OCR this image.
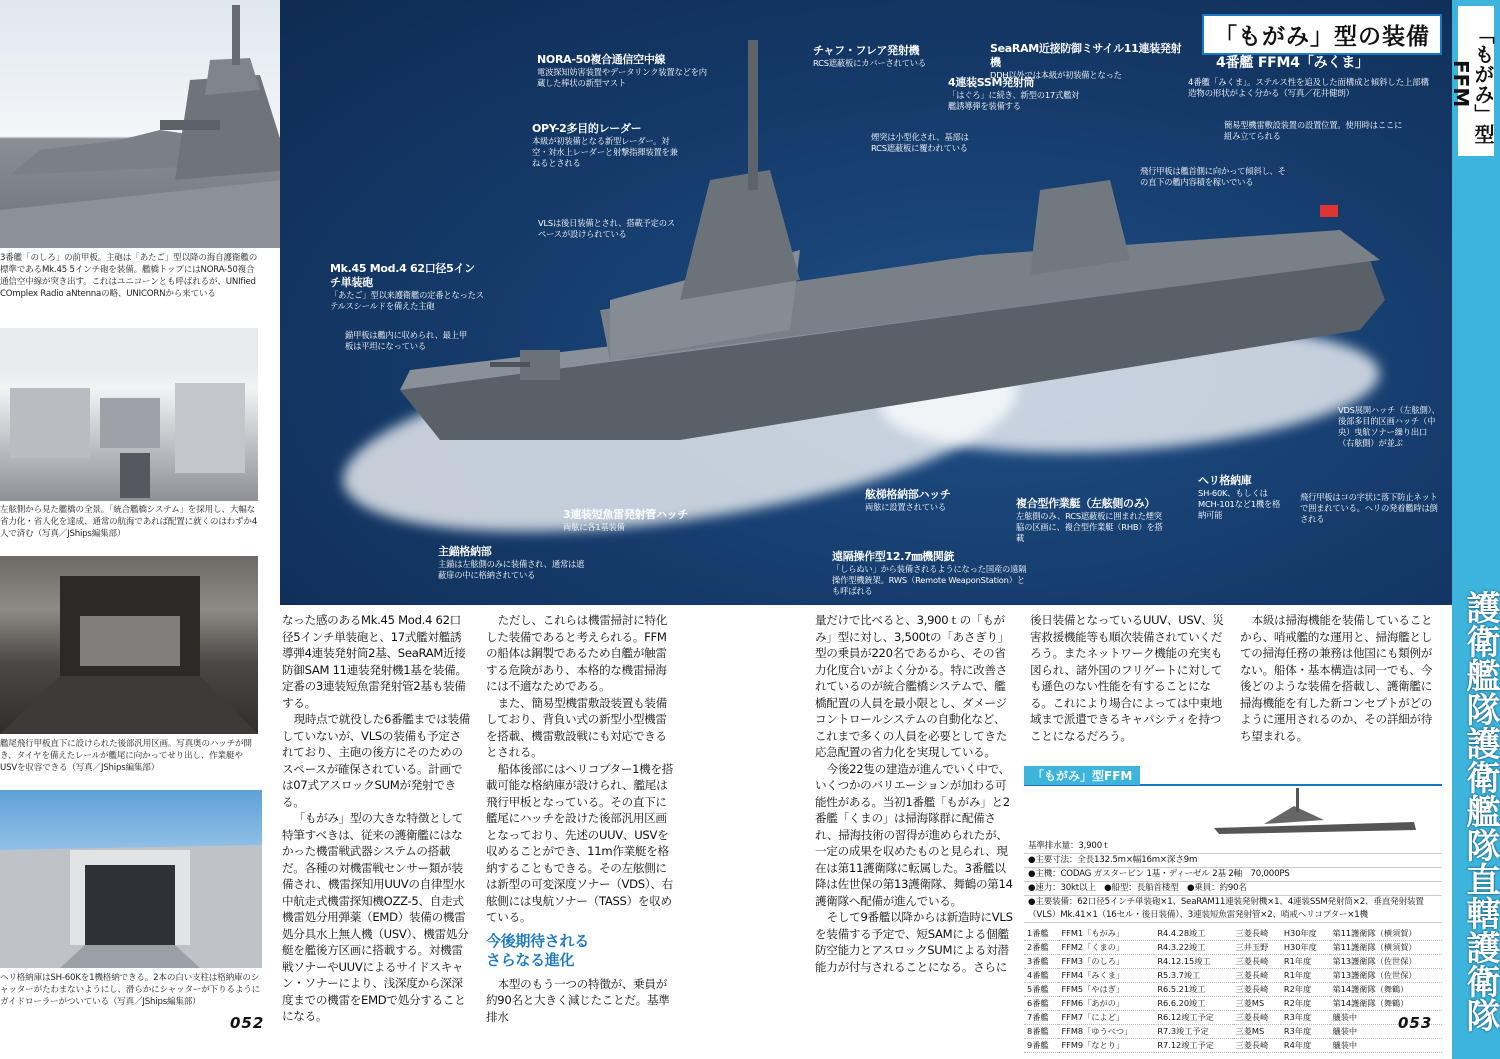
3番艦「のしろ」の前甲板。主砲は「あたご」型以降の海自護衛艦の標準であるMk.45 5インチ砲を装備。艦橋トップにはNORA-50複合通信空中線が突き出す。これはユニコーンとも呼ばれるが、UNIfied COmplex Radio aNtennaの略、UNICORNから来ている
左舷側から見た艦橋の全景。「統合艦橋システム」を採用し、大幅な省力化・省人化を達成、通常の航海であれば配置に就くのはわずか4人で済む（写真／JShips編集部）
艦尾飛行甲板直下に設けられた後部汎用区画。写真奥のハッチが開き、タイヤを備えたレールが艦尾に向かってせり出し、作業艇やUSVを収容できる（写真／JShips編集部）
ヘリ格納庫はSH-60Kを1機格納できる。2本の白い支柱は格納庫のシャッターがたわまないようにし、滑らかにシャッターが下りるようにガイドローラーがついている（写真／JShips編集部）
「もがみ」型の装備
4番艦 FFM4「みくま」
4番艦「みくま」。ステルス性を追及した面構成と傾斜した上部構造物の形状がよく分かる（写真／花井健朗）
NORA-50複合通信空中線
電波探知妨害装置やデータリンク装置などを内蔵した棒状の新型マスト
OPY-2多目的レーダー
本級が初装備となる新型レーダー。対空・対水上レーダーと射撃指揮装置を兼ねるとされる
VLSは後日装備とされ、搭載予定のスペースが設けられている
Mk.45 Mod.4 62口径5インチ単装砲
「あたご」型以来護衛艦の定番となったステルスシールドを備えた主砲
錨甲板は艦内に収められ、最上甲板は平坦になっている
チャフ・フレア発射機
RCS遮蔽板にカバーされている
SeaRAM近接防御ミサイル11連装発射機
DDH以外では本級が初装備となった
4連装SSM発射筒
「はぐろ」に続き、新型の17式艦対艦誘導弾を装備する
煙突は小型化され、基部はRCS遮蔽板に覆われている
簡易型機雷敷設装置の設置位置。使用時はここに組み立てられる
飛行甲板は艦首側に向かって傾斜し、その直下の艦内容積を稼いでいる
3連装短魚雷発射管ハッチ
両舷に各1基装備
主錨格納部
主錨は左舷側のみに装備され、通常は遮蔽扉の中に格納されている
舷梯格納部ハッチ
両舷に設置されている
遠隔操作型12.7㎜機関銃
「しらぬい」から装備されるようになった国産の遠隔操作型機銃架。RWS（Remote WeaponStation）とも呼ばれる
複合型作業艇（左舷側のみ）
左舷側のみ、RCS遮蔽板に囲まれた煙突脇の区画に、複合型作業艇（RHB）を搭載
ヘリ格納庫
SH-60K、もしくはMCH-101など1機を格納可能
VDS展開ハッチ（左舷側）、後部多目的区画ハッチ（中央）曳航ソナー繰り出口（右舷側）が並ぶ
飛行甲板はコの字状に落下防止ネットで囲まれている。ヘリの発着艦時は倒される
「もがみ」型FFM
護衛艦隊護衛艦隊直轄護衛隊

なった感のあるMk.45 Mod.4 62口径5インチ単装砲と、17式艦対艦誘導弾4連装発射筒2基、SeaRAM近接防御SAM 11連装発射機1基を装備。定番の3連装短魚雷発射管2基も装備する。

現時点で就役した6番艦までは装備していないが、VLSの装備も予定されており、主砲の後方にそのためのスペースが確保されている。計画では07式アスロックSUMが発射できる。

「もがみ」型の大きな特徴として特筆すべきは、従来の護衛艦にはなかった機雷戦武器システムの搭載だ。各種の対機雷戦センサー類が装備され、機雷探知用UUVの自律型水中航走式機雷探知機OZZ-5、自走式機雷処分用弾薬（EMD）装備の機雷処分具水上無人機（USV）、機雷処分艇を艦後方区画に搭載する。対機雷戦ソナーやUUVによるサイドスキャン・ソナーにより、浅深度から深深度までの機雷をEMDで処分することになる。

ただし、これらは機雷掃討に特化した装備であると考えられる。FFMの船体は鋼製であるため自艦が触雷する危険があり、本格的な機雷掃海には不適なためである。

また、簡易型機雷敷設装置も装備しており、背負い式の新型小型機雷を搭載、機雷敷設戦にも対応できるとされる。

船体後部にはヘリコプター1機を搭載可能な格納庫が設けられ、艦尾は飛行甲板となっている。その直下に艦尾にハッチを設けた後部汎用区画となっており、先述のUUV、USVを収めることができ、11m作業艇を格納することもできる。その左舷側には新型の可変深度ソナー（VDS）、右舷側には曳航ソナー（TASS）を収めている。

今後期待される
さらなる進化

本型のもう一つの特徴が、乗員が約90名と大きく減じたことだ。基準排水

量だけで比べると、3,900ｔの「もがみ」型に対し、3,500tの「あさぎり」型の乗員が220名であるから、その省力化度合いがよく分かる。特に改善されているのが統合艦橋システムで、艦橋配置の人員を最小限とし、ダメージコントロールシステムの自動化など、これまで多くの人員を必要としてきた応急配置の省力化を実現している。

今後22隻の建造が進んでいく中で、いくつかのバリエーションが加わる可能性がある。当初1番艦「もがみ」と2番艦「くまの」は掃海隊群に配備され、掃海技術の習得が進められたが、一定の成果を収めたものと見られ、現在は第11護衛隊に転属した。3番艦以降は佐世保の第13護衛隊、舞鶴の第14護衛隊へ配備が進んでいる。

そして9番艦以降からは新造時にVLSを装備する予定で、短SAMによる個艦防空能力とアスロックSUMによる対潜能力が付与されることになる。さらに

後日装備となっているUUV、USV、災害救援機能等も順次装備されていくだろう。またネットワーク機能の充実も図られ、諸外国のフリゲートに対しても遜色のない性能を有することになる。これにより場合によっては中東地域まで派遣できるキャパシティを持つことになるだろう。

本級は掃海機能を装備していることから、哨戒艦的な運用と、掃海艦としての掃海任務の兼務は他国にも類例がない。船体・基本構造は同一でも、今後どのような装備を搭載し、護衛艦に掃海機能を有した新コンセプトがどのように運用されるのか、その詳細が待ち望まれる。

「もがみ」型FFM
基準排水量：3,900ｔ
●主要寸法：全長132.5m×幅16m×深さ9m
●主機：CODAG ガスタービン 1基・ディーゼル 2基 2軸　70,000PS
●速力：30kt以上　●船型：長船首楼型　●乗員：約90名
●主要装備：62口径5インチ単装砲×1、SeaRAM11連装発射機×1、4連装SSM発射筒×2、垂直発射装置（VLS）Mk.41×1（16セル・後日装備）、3連装短魚雷発射管×2、哨戒ヘリコプター×1機
1番艦	FFM1「もがみ」	R4.4.28竣工	三菱長崎	H30年度	第11護衛隊（横須賀）
2番艦	FFM2「くまの」	R4.3.22竣工	三井玉野	H30年度	第11護衛隊（横須賀）
3番艦	FFM3「のしろ」	R4.12.15竣工	三菱長崎	R1年度	第13護衛隊（佐世保）
4番艦	FFM4「みくま」	R5.3.7竣工	三菱長崎	R1年度	第13護衛隊（佐世保）
5番艦	FFM5「やはぎ」	R6.5.21竣工	三菱長崎	R2年度	第14護衛隊（舞鶴）
6番艦	FFM6「あがの」	R6.6.20竣工	三菱MS	R2年度	第14護衛隊（舞鶴）
7番艦	FFM7「によど」	R6.12竣工予定	三菱長崎	R3年度	艤装中
8番艦	FFM8「ゆうべつ」	R7.3竣工予定	三菱MS	R3年度	艤装中
9番艦	FFM9「なとり」	R7.12竣工予定	三菱長崎	R4年度	艤装中
052	053
